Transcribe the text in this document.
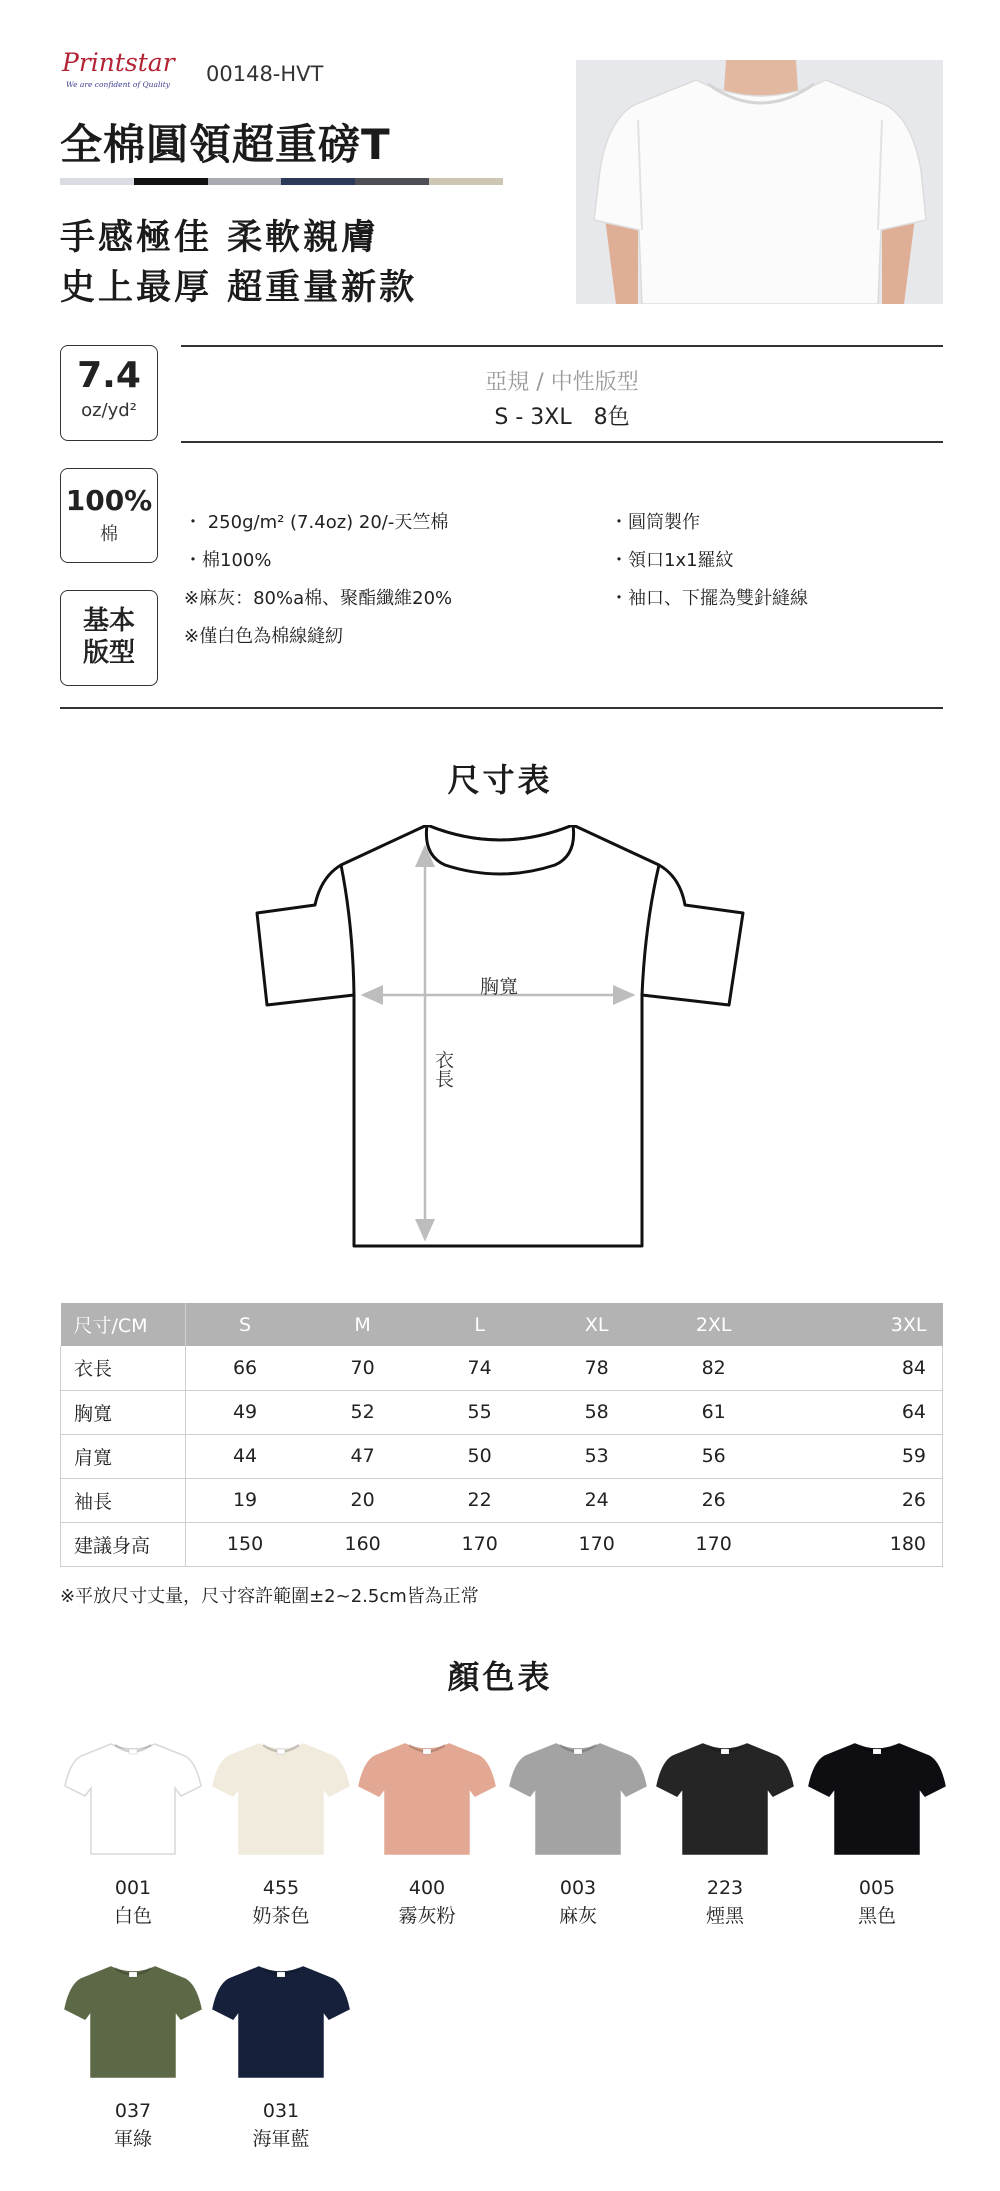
Printstar
We are confident of Quality 00148-HVT
全棉圓領超重磅T
手感極佳 柔軟親膚
史上最厚 超重量新款
7.4
oz/yd²
100%
棉
基本
版型
亞規 / 中性版型
S - 3XL　8色
・ 250g/m² (7.4oz) 20/-天竺棉
・棉100%
※麻灰：80%a棉、聚酯纖維20%
※僅白色為棉線縫紉
・圓筒製作
・領口1x1羅紋
・袖口、下擺為雙針縫線
尺寸表
胸寬
衣長
尺寸/CM	S	M	L	XL	2XL	3XL
衣長	66	70	74	78	82	84
胸寬	49	52	55	58	61	64
肩寬	44	47	50	53	56	59
袖長	19	20	22	24	26	26
建議身高	150	160	170	170	170	180
※平放尺寸丈量，尺寸容許範圍±2~2.5cm皆為正常
顏色表
001
白色
455
奶茶色
400
霧灰粉
003
麻灰
223
煙黑
005
黑色
037
軍綠
031
海軍藍
